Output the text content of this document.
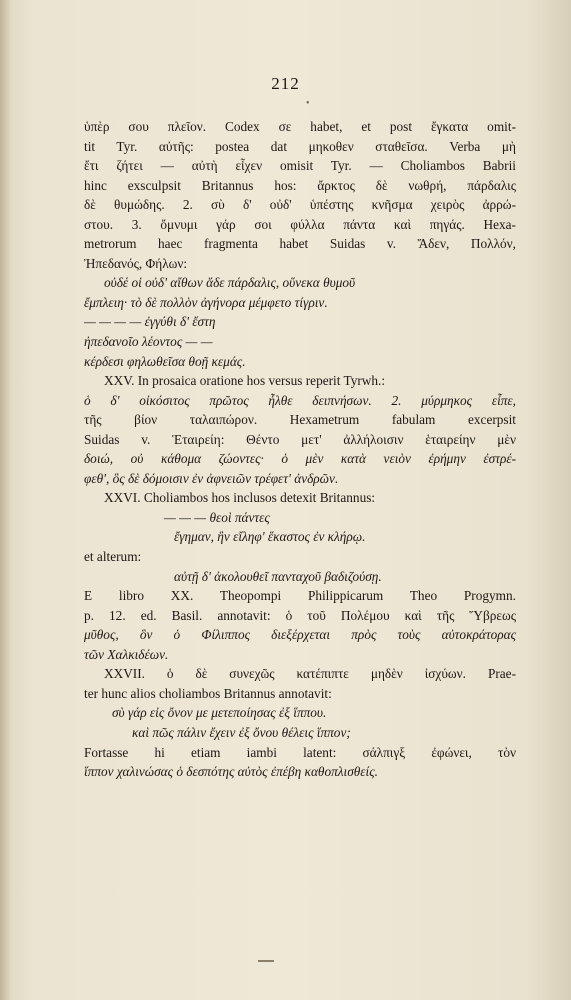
212
•
ὑπὲρ σου πλεῖον. Codex σε habet, et post ἔγκατα omit-
tit Tyr. αὐτῆς: postea dat μηκοθεν σταθεῖσα. Verba μὴ
ἔτι ζήτει — αὐτὴ εἶχεν omisit Tyr. — Choliambos Babrii
hinc exsculpsit Britannus hos: ἄρκτος δὲ νωθρή, πάρδαλις
δὲ θυμώδης. 2. σὺ δ' οὐδ' ὑπέστης κνῆσμα χειρὸς ἀρρώ-
στου. 3. ὄμνυμι γάρ σοι φύλλα πάντα καὶ πηγάς. Hexa-
metrorum haec fragmenta habet Suidas v. Ἄδεν, Πολλόν,
Ἠπεδανός, Φήλων:
οὐδέ οἱ οὐδ' αἴθων ἅδε πάρδαλις, οὕνεκα θυμοῦ
ἔμπλειη· τὸ δὲ πολλὸν ἀγήνορα μέμφετο τίγριν.
— — — — ἐγγύθι δ' ἔστη
ἠπεδανοῖο λέοντος — —
κέρδεσι φηλωθεῖσα θοῇ κεμάς.
XXV. In prosaica oratione hos versus reperit Tyrwh.:
ὁ δ' οἰκόσιτος πρῶτος ἦλθε δειπνήσων. 2. μύρμηκος εἶπε,
τῆς βίον ταλαιπώρον. Hexametrum fabulam excerpsit
Suidas v. Ἑταιρείη: Θέντο μετ' ἀλλήλοισιν ἑταιρείην μὲν
δοιώ, οὐ κάθομα ζώοντες· ὁ μὲν κατὰ νειὸν ἐρήμην ἐστρέ-
φεθ', ὃς δὲ δόμοισιν ἐν ἀφνειῶν τρέφετ' ἀνδρῶν.
XXVI. Choliambos hos inclusos detexit Britannus:
— — — θεοὶ πάντες
ἔγημαν, ἣν εἴληφ' ἕκαστος ἐν κλήρῳ.
et alterum:
αὐτῇ δ' ἀκολουθεῖ πανταχοῦ βαδιζούσῃ.
E libro XX. Theopompi Philippicarum Theo Progymn.
p. 12. ed. Basil. annotavit: ὁ τοῦ Πολέμου καὶ τῆς Ὕβρεως
μῦθος, ὃν ὁ Φίλιππος διεξέρχεται πρὸς τοὺς αὐτοκράτορας
τῶν Χαλκιδέων.
XXVII. ὁ δὲ συνεχῶς κατέπιπτε μηδὲν ἰσχύων. Prae-
ter hunc alios choliambos Britannus annotavit:
σὺ γάρ εἰς ὄνον με μετεποίησας ἐξ ἵππου.
καὶ πῶς πάλιν ἔχειν ἐξ ὄνου θέλεις ἵππον;
Fortasse hi etiam iambi latent: σάλπιγξ ἐφώνει, τὸν
ἵππον χαλινώσας ὁ δεσπότης αὐτὸς ἐπέβη καθοπλισθείς.
